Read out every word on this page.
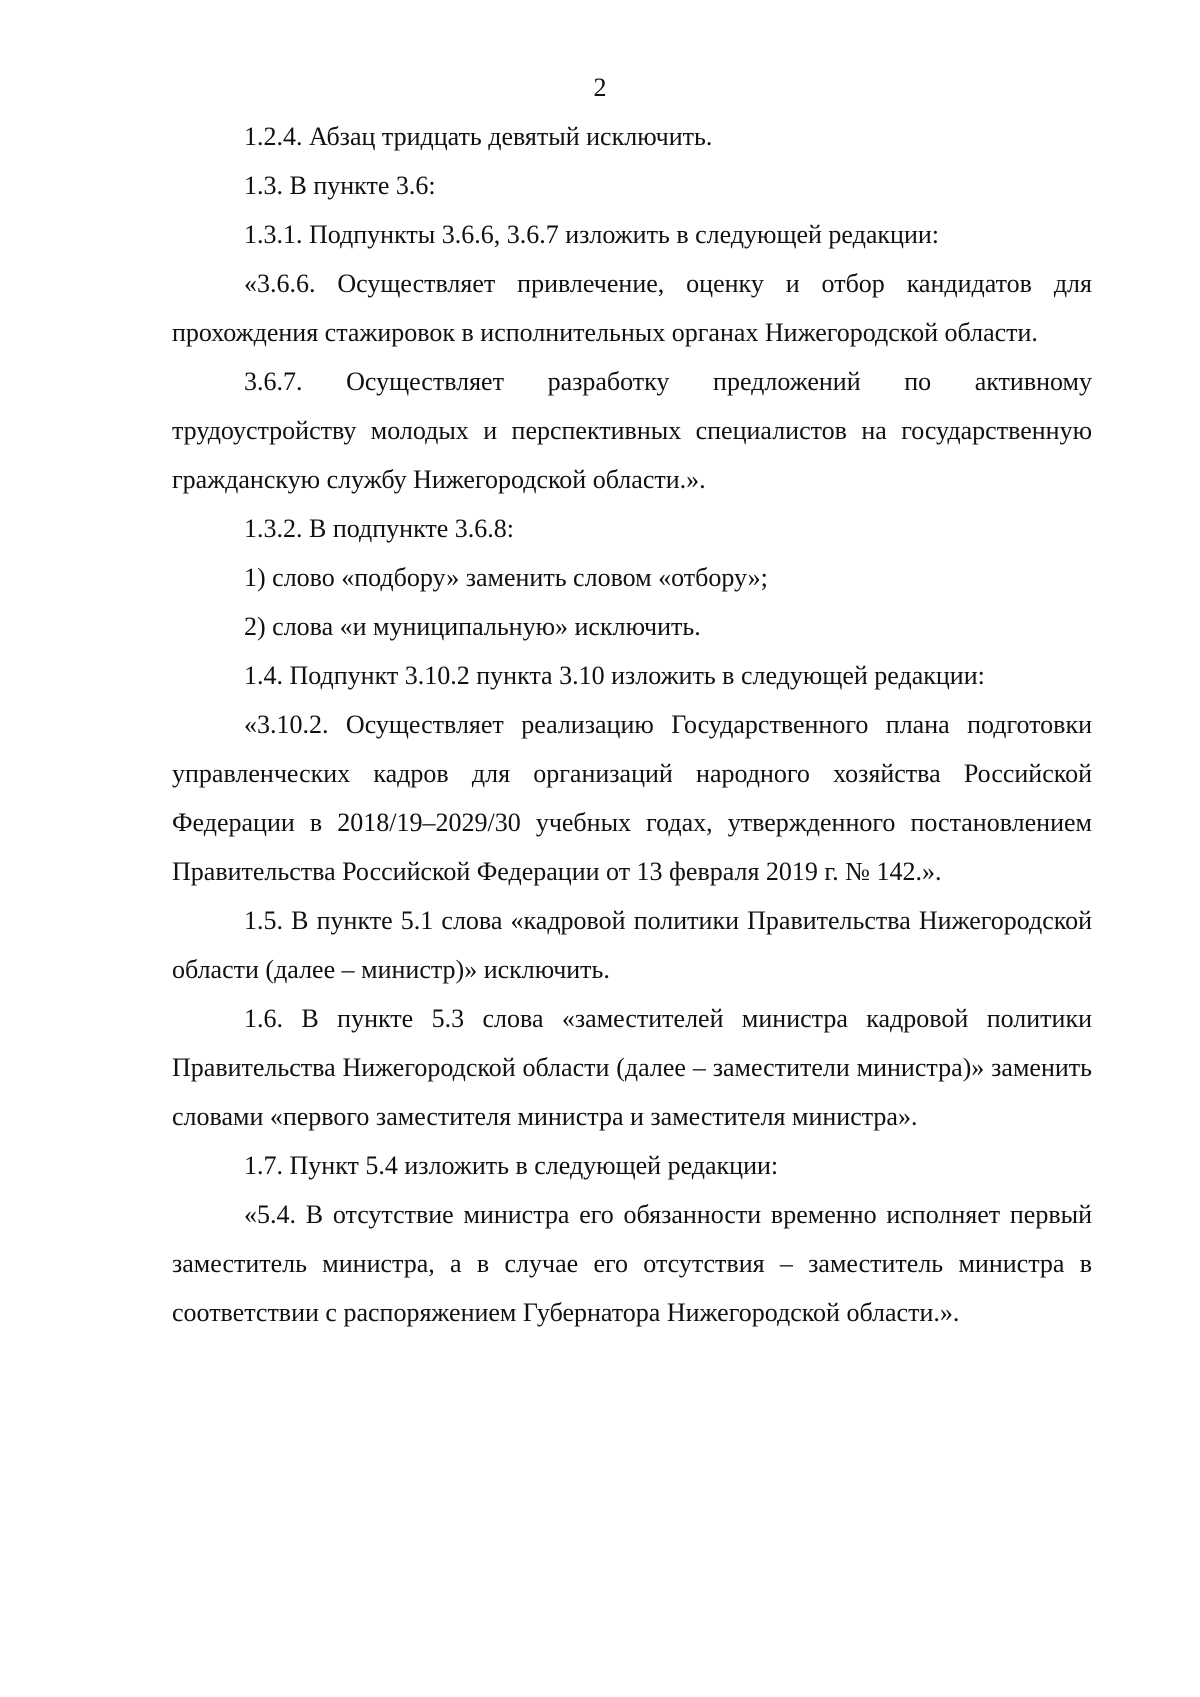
2

1.2.4. Абзац тридцать девятый исключить.

1.3. В пункте 3.6:

1.3.1. Подпункты 3.6.6, 3.6.7 изложить в следующей редакции:

«3.6.6. Осуществляет привлечение, оценку и отбор кандидатов для прохождения стажировок в исполнительных органах Нижегородской области.

3.6.7. Осуществляет разработку предложений по активному трудоустройству молодых и перспективных специалистов на государственную гражданскую службу Нижегородской области.».

1.3.2. В подпункте 3.6.8:

1) слово «подбору» заменить словом «отбору»;

2) слова «и муниципальную» исключить.

1.4. Подпункт 3.10.2 пункта 3.10 изложить в следующей редакции:

«3.10.2. Осуществляет реализацию Государственного плана подготовки управленческих кадров для организаций народного хозяйства Российской Федерации в 2018/19–2029/30 учебных годах, утвержденного постановлением Правительства Российской Федерации от 13 февраля 2019 г. № 142.».

1.5. В пункте 5.1 слова «кадровой политики Правительства Нижегородской области (далее – министр)» исключить.

1.6. В пункте 5.3 слова «заместителей министра кадровой политики Правительства Нижегородской области (далее – заместители министра)» заменить словами «первого заместителя министра и заместителя министра».

1.7. Пункт 5.4 изложить в следующей редакции:

«5.4. В отсутствие министра его обязанности временно исполняет первый заместитель министра, а в случае его отсутствия – заместитель министра в соответствии с распоряжением Губернатора Нижегородской области.».
